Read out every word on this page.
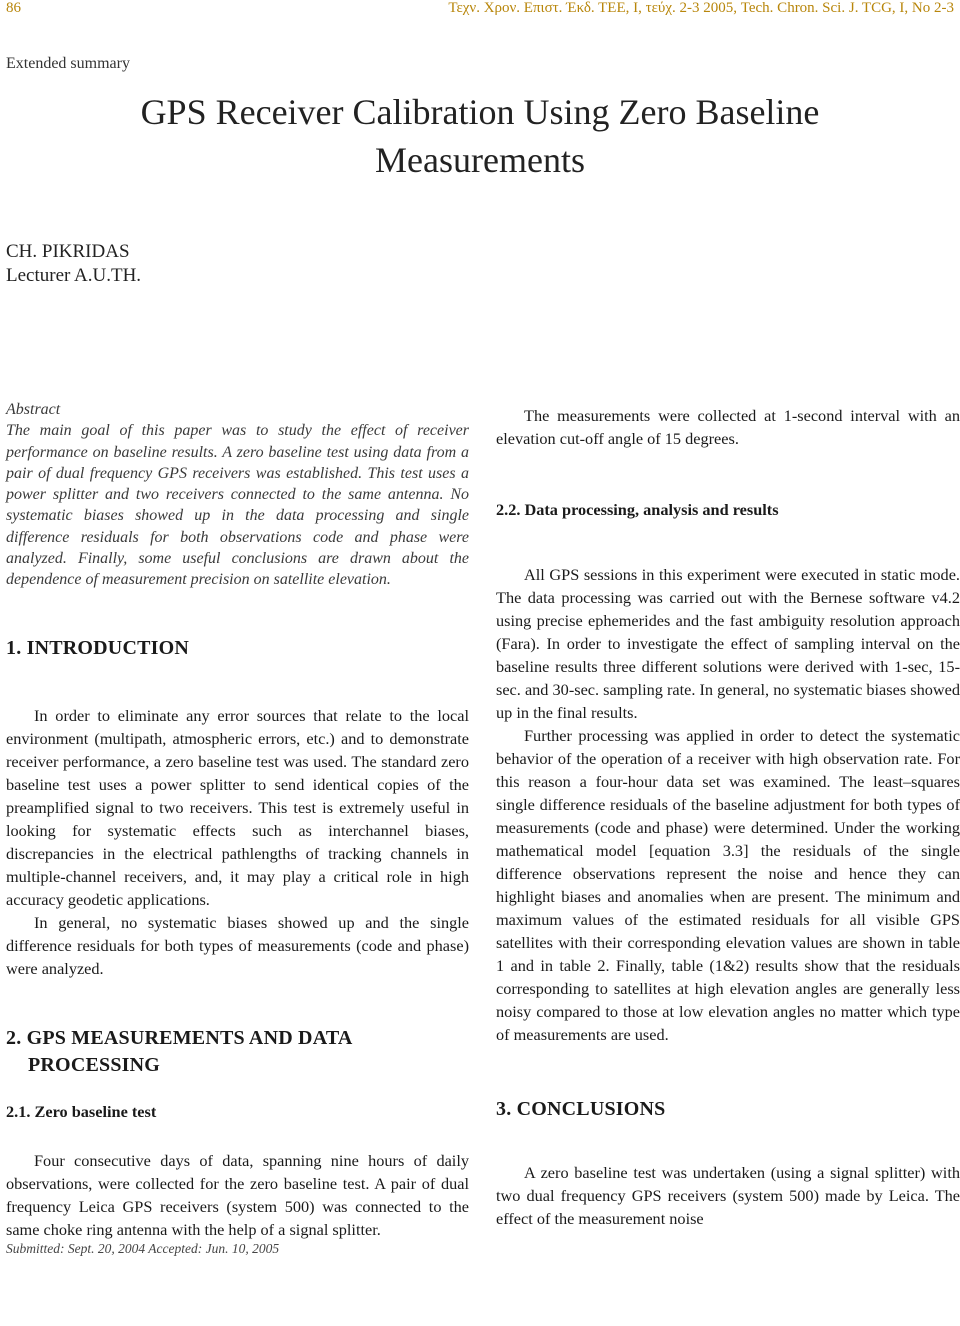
86	Τεχν. Χρον. Επιστ. Έκδ. ΤΕΕ, Ι, τεύχ. 2-3 2005, Tech. Chron. Sci. J. TCG, I, No 2-3
Extended summary
GPS Receiver Calibration Using Zero Baseline
Measurements
CH. PIKRIDAS
Lecturer A.U.TH.

Abstract

The main goal of this paper was to study the effect of receiver performance on baseline results. A zero baseline test using data from a pair of dual frequency GPS receivers was established. This test uses a power splitter and two receivers connected to the same antenna. No systematic biases showed up in the data processing and single difference residuals for both observations code and phase were analyzed. Finally, some useful conclusions are drawn about the dependence of measurement precision on satellite elevation.

1. INTRODUCTION

In order to eliminate any error sources that relate to the local environment (multipath, atmospheric errors, etc.) and to demonstrate receiver performance, a zero baseline test was used. The standard zero baseline test uses a power splitter to send identical copies of the preamplified signal to two receivers. This test is extremely useful in looking for systematic effects such as interchannel biases, discrepancies in the electrical pathlengths of tracking channels in multiple-channel receivers, and, it may play a critical role in high accuracy geodetic applications.

In general, no systematic biases showed up and the single difference residuals for both types of measurements (code and phase) were analyzed.

2. GPS MEASUREMENTS AND DATA
PROCESSING
2.1. Zero baseline test

Four consecutive days of data, spanning nine hours of daily observations, were collected for the zero baseline test. A pair of dual frequency Leica GPS receivers (system 500) was connected to the same choke ring antenna with the help of a signal splitter.

Submitted: Sept. 20, 2004 Accepted: Jun. 10, 2005

The measurements were collected at 1-second interval with an elevation cut-off angle of 15 degrees.

2.2. Data processing, analysis and results

All GPS sessions in this experiment were executed in static mode. The data processing was carried out with the Bernese software v4.2 using precise ephemerides and the fast ambiguity resolution approach (Fara). In order to investigate the effect of sampling interval on the baseline results three different solutions were derived with 1-sec, 15-sec. and 30-sec. sampling rate. In general, no systematic biases showed up in the final results.

Further processing was applied in order to detect the systematic behavior of the operation of a receiver with high observation rate. For this reason a four-hour data set was examined. The least–squares single difference residuals of the baseline adjustment for both types of measurements (code and phase) were determined. Under the working mathematical model [equation 3.3] the residuals of the single difference observations represent the noise and hence they can highlight biases and anomalies when are present. The minimum and maximum values of the estimated residuals for all visible GPS satellites with their corresponding elevation values are shown in table 1 and in table 2. Finally, table (1&2) results show that the residuals corresponding to satellites at high elevation angles are generally less noisy compared to those at low elevation angles no matter which type of measurements are used.

3. CONCLUSIONS

A zero baseline test was undertaken (using a signal splitter) with two dual frequency GPS receivers (system 500) made by Leica. The effect of the measurement noise
